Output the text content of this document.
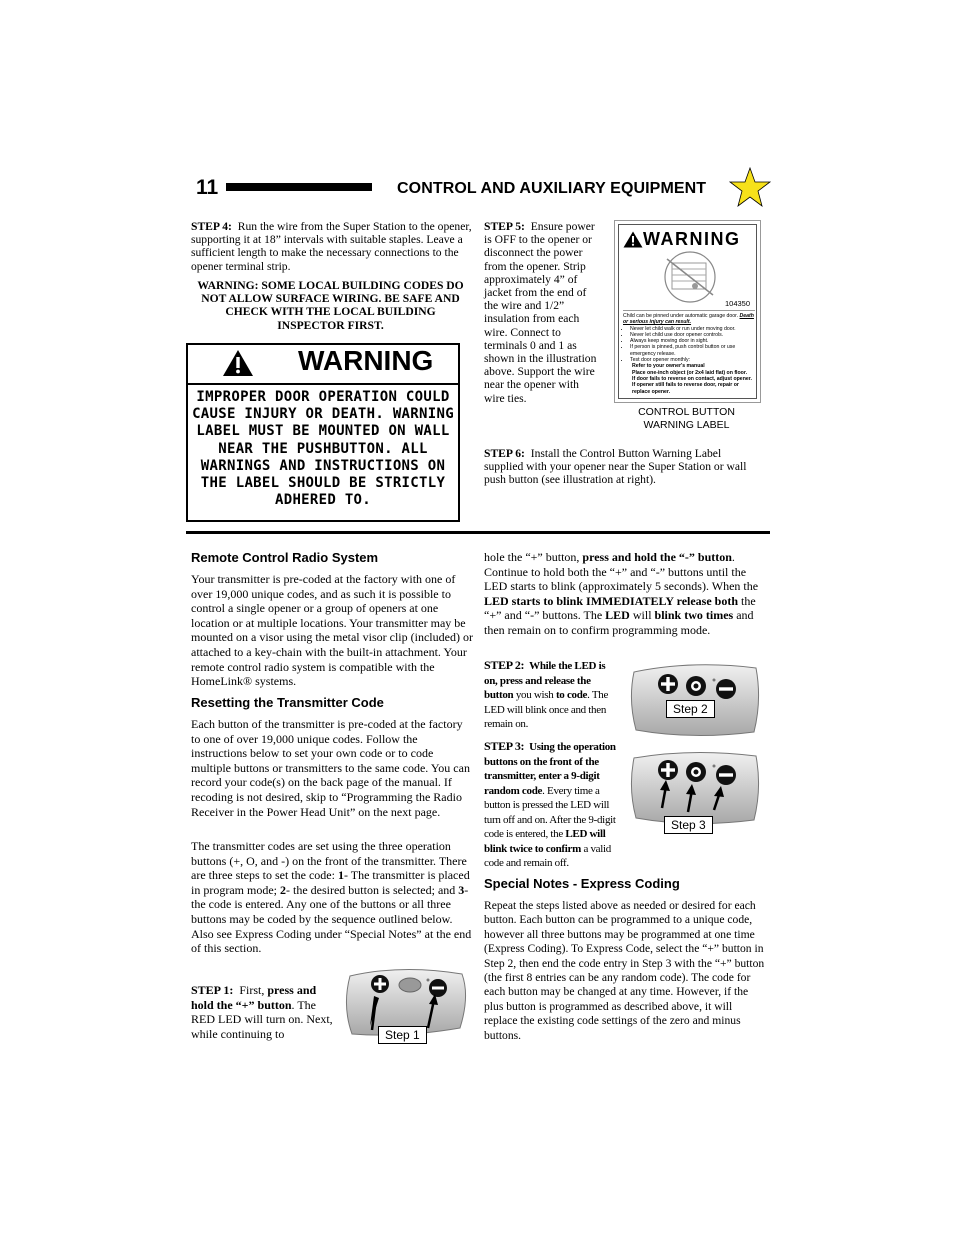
11	CONTROL AND AUXILIARY EQUIPMENT

STEP 4: Run the wire from the Super Station to the opener, supporting it at 18” intervals with suitable staples. Leave a sufficient length to make the necessary connections to the opener terminal strip.

WARNING: SOME LOCAL BUILDING CODES DO NOT ALLOW SURFACE WIRING. BE SAFE AND CHECK WITH THE LOCAL BUILDING INSPECTOR FIRST.

WARNING
IMPROPER DOOR OPERATION COULD CAUSE INJURY OR DEATH. WARNING LABEL MUST BE MOUNTED ON WALL NEAR THE PUSHBUTTON. ALL WARNINGS AND INSTRUCTIONS ON THE LABEL SHOULD BE STRICTLY ADHERED TO.

STEP 5: Ensure power is OFF to the opener or disconnect the power from the opener. Strip approximately 4” of jacket from the end of the wire and 1/2” insulation from each wire. Connect to terminals 0 and 1 as shown in the illustration above. Support the wire near the opener with wire ties.

WARNING
104350
Child can be pinned under automatic garage door. Death or serious injury can result.
• Never let child walk or run under moving door.
• Never let child use door opener controls.
• Always keep moving door in sight.
• If person is pinned, push control button or use emergency release.
• Test door opener monthly:
Refer to your owner's manual
Place one-inch object (or 2x4 laid flat) on floor.
If door fails to reverse on contact, adjust opener.
If opener still fails to reverse door, repair or replace opener.
CONTROL BUTTON
WARNING LABEL

STEP 6: Install the Control Button Warning Label supplied with your opener near the Super Station or wall push button (see illustration at right).

Remote Control Radio System

Your transmitter is pre-coded at the factory with one of over 19,000 unique codes, and as such it is possible to control a single opener or a group of openers at one location or at multiple locations. Your transmitter may be mounted on a visor using the metal visor clip (included) or attached to a key-chain with the built-in attachment. Your remote control radio system is compatible with the HomeLink® systems.

Resetting the Transmitter Code

Each button of the transmitter is pre-coded at the factory to one of over 19,000 unique codes. Follow the instructions below to set your own code or to code multiple buttons or transmitters to the same code. You can record your code(s) on the back page of the manual. If recoding is not desired, skip to “Programming the Radio Receiver in the Power Head Unit” on the next page.

The transmitter codes are set using the three operation buttons (+, O, and -) on the front of the transmitter. There are three steps to set the code: 1- The transmitter is placed in program mode; 2- the desired button is selected; and 3- the code is entered. Any one of the buttons or all three buttons may be coded by the sequence outlined below. Also see Express Coding under “Special Notes” at the end of this section.

STEP 1: First, press and hold the “+” button. The RED LED will turn on. Next, while continuing to	Step 1

hole the “+” button, press and hold the “-” button. Continue to hold both the “+” and “-” buttons until the LED starts to blink (approximately 5 seconds). When the LED starts to blink IMMEDIATELY release both the “+” and “-” buttons. The LED will blink two times and then remain on to confirm programming mode.

STEP 2: While the LED is on, press and release the button you wish to code. The LED will blink once and then remain on.

Step 2

STEP 3: Using the operation buttons on the front of the transmitter, enter a 9-digit random code. Every time a button is pressed the LED will turn off and on. After the 9-digit code is entered, the LED will blink twice to confirm a valid code and remain off.

Step 3
Special Notes - Express Coding

Repeat the steps listed above as needed or desired for each button. Each button can be programmed to a unique code, however all three buttons may be programmed at one time (Express Coding). To Express Code, select the “+” button in Step 2, then end the code entry in Step 3 with the “+” button (the first 8 entries can be any random code). The code for each button may be changed at any time. However, if the plus button is programmed as described above, it will replace the existing code settings of the zero and minus buttons.
